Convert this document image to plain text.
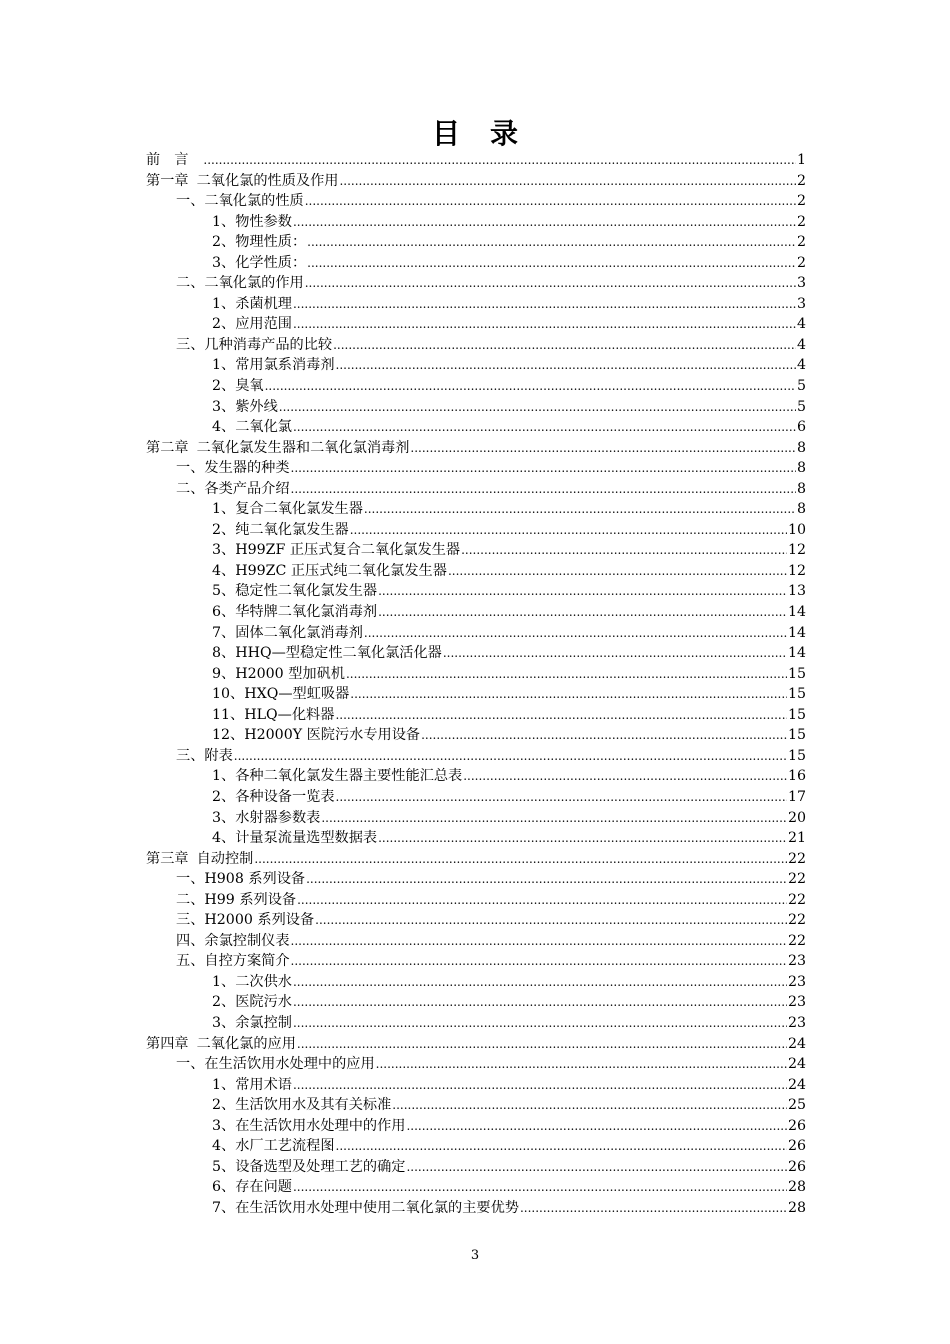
目录
前言 .....	1
第一章 二氧化氯的性质及作用 .....	2
一、 二氧化氯的性质 .....	2
1、 物性参数 .....	2
2、 物理性质： .....	2
3、 化学性质： .....	2
二、 二氧化氯的作用 .....	3
1、 杀菌机理 .....	3
2、 应用范围 .....	4
三、 几种消毒产品的比较 .....	4
1、 常用氯系消毒剂 .....	4
2、 臭氧 .....	5
3、 紫外线 .....	5
4、 二氧化氯 .....	6
第二章 二氧化氯发生器和二氧化氯消毒剂 .....	8
一、 发生器的种类 .....	8
二、 各类产品介绍 .....	8
1、 复合二氧化氯发生器 .....	8
2、 纯二氧化氯发生器 .....	10
3、 H99ZF 正压式复合二氧化氯发生器 .....	12
4、 H99ZC 正压式纯二氧化氯发生器 .....	12
5、 稳定性二氧化氯发生器 .....	13
6、 华特牌二氧化氯消毒剂 .....	14
7、 固体二氧化氯消毒剂 .....	14
8、 HHQ—型稳定性二氧化氯活化器 .....	14
9、 H2000 型加矾机 .....	15
10、 HXQ—型虹吸器 .....	15
11、 HLQ—化料器 .....	15
12、 H2000Y 医院污水专用设备 .....	15
三、 附表 .....	15
1、 各种二氧化氯发生器主要性能汇总表 .....	16
2、 各种设备一览表 .....	17
3、 水射器参数表 .....	20
4、 计量泵流量选型数据表 .....	21
第三章 自动控制 .....	22
一、 H908 系列设备 .....	22
二、 H99 系列设备 .....	22
三、 H2000 系列设备 .....	22
四、 余氯控制仪表 .....	22
五、 自控方案简介 .....	23
1、 二次供水 .....	23
2、 医院污水 .....	23
3、 余氯控制 .....	23
第四章 二氧化氯的应用 .....	24
一、 在生活饮用水处理中的应用 .....	24
1、 常用术语 .....	24
2、 生活饮用水及其有关标准 .....	25
3、 在生活饮用水处理中的作用 .....	26
4、 水厂工艺流程图 .....	26
5、 设备选型及处理工艺的确定 .....	26
6、 存在问题 .....	28
7、 在生活饮用水处理中使用二氧化氯的主要优势 .....	28
3
